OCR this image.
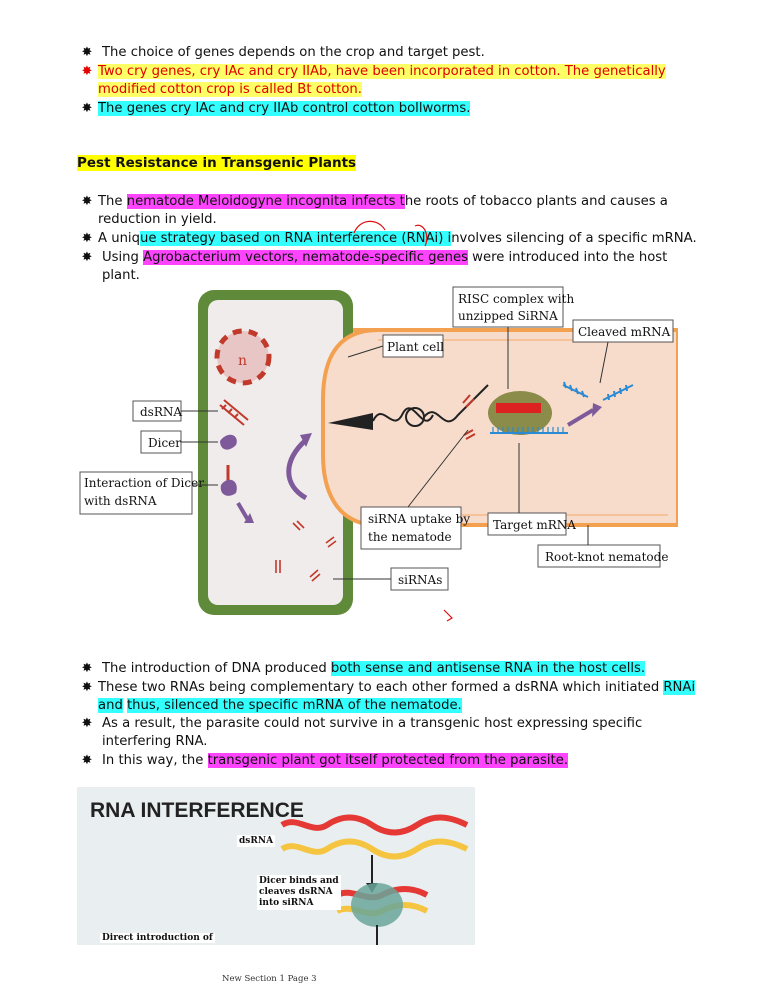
✸ The choice of genes depends on the crop and target pest.
✸ Two cry genes, cry IAc and cry IIAb, have been incorporated in cotton. The genetically modified cotton crop is called Bt cotton.
✸ The genes cry IAc and cry IIAb control cotton bollworms.
Pest Resistance in Transgenic Plants
✸ The nematode Meloidogyne incognita infects the roots of tobacco plants and causes a reduction in yield.
✸ A unique strategy based on RNA interference (RNAi) involves silencing of a specific mRNA.
✸ Using Agrobacterium vectors, nematode-specific genes were introduced into the host plant.
n
RISC complex with
unzipped SiRNA
Cleaved mRNA
Plant cell
dsRNA
Dicer
Interaction of Dicer
with dsRNA
siRNA uptake by
the nematode
Target mRNA
Root-knot nematode
siRNAs
✸ The introduction of DNA produced both sense and antisense RNA in the host cells.
✸ These two RNAs being complementary to each other formed a dsRNA which initiated RNAi and thus, silenced the specific mRNA of the nematode.
✸ As a result, the parasite could not survive in a transgenic host expressing specific interfering RNA.
✸ In this way, the transgenic plant got itself protected from the parasite.
RNA INTERFERENCE
dsRNA
Dicer binds and
cleaves dsRNA
into siRNA
Direct introduction of
New Section 1 Page 3
